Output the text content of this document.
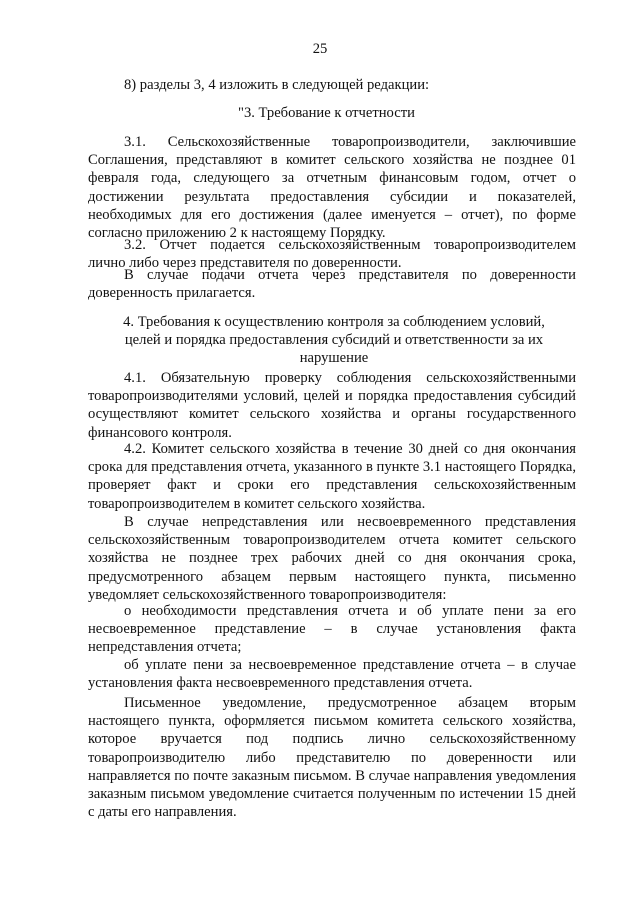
25
8) разделы 3, 4 изложить в следующей редакции:
"3. Требование к отчетности
3.1. Сельскохозяйственные товаропроизводители, заключившие Соглашения, представляют в комитет сельского хозяйства не позднее 01 февраля года, следующего за отчетным финансовым годом, отчет о достижении результата предоставления субсидии и показателей, необходимых для его достижения (далее именуется – отчет), по форме согласно приложению 2 к настоящему Порядку.
3.2. Отчет подается сельскохозяйственным товаропроизводителем лично либо через представителя по доверенности.
В случае подачи отчета через представителя по доверенности доверенность прилагается.
4. Требования к осуществлению контроля за соблюдением условий, целей и порядка предоставления субсидий и ответственности за их нарушение
4.1. Обязательную проверку соблюдения сельскохозяйственными товаропроизводителями условий, целей и порядка предоставления субсидий осуществляют комитет сельского хозяйства и органы государственного финансового контроля.
4.2. Комитет сельского хозяйства в течение 30 дней со дня окончания срока для представления отчета, указанного в пункте 3.1 настоящего Порядка, проверяет факт и сроки его представления сельскохозяйственным товаропроизводителем в комитет сельского хозяйства.
В случае непредставления или несвоевременного представления сельскохозяйственным товаропроизводителем отчета комитет сельского хозяйства не позднее трех рабочих дней со дня окончания срока, предусмотренного абзацем первым настоящего пункта, письменно уведомляет сельскохозяйственного товаропроизводителя:
о необходимости представления отчета и об уплате пени за его несвоевременное представление – в случае установления факта непредставления отчета;
об уплате пени за несвоевременное представление отчета – в случае установления факта несвоевременного представления отчета.
Письменное уведомление, предусмотренное абзацем вторым настоящего пункта, оформляется письмом комитета сельского хозяйства, которое вручается под подпись лично сельскохозяйственному товаропроизводителю либо представителю по доверенности или направляется по почте заказным письмом. В случае направления уведомления заказным письмом уведомление считается полученным по истечении 15 дней с даты его направления.
